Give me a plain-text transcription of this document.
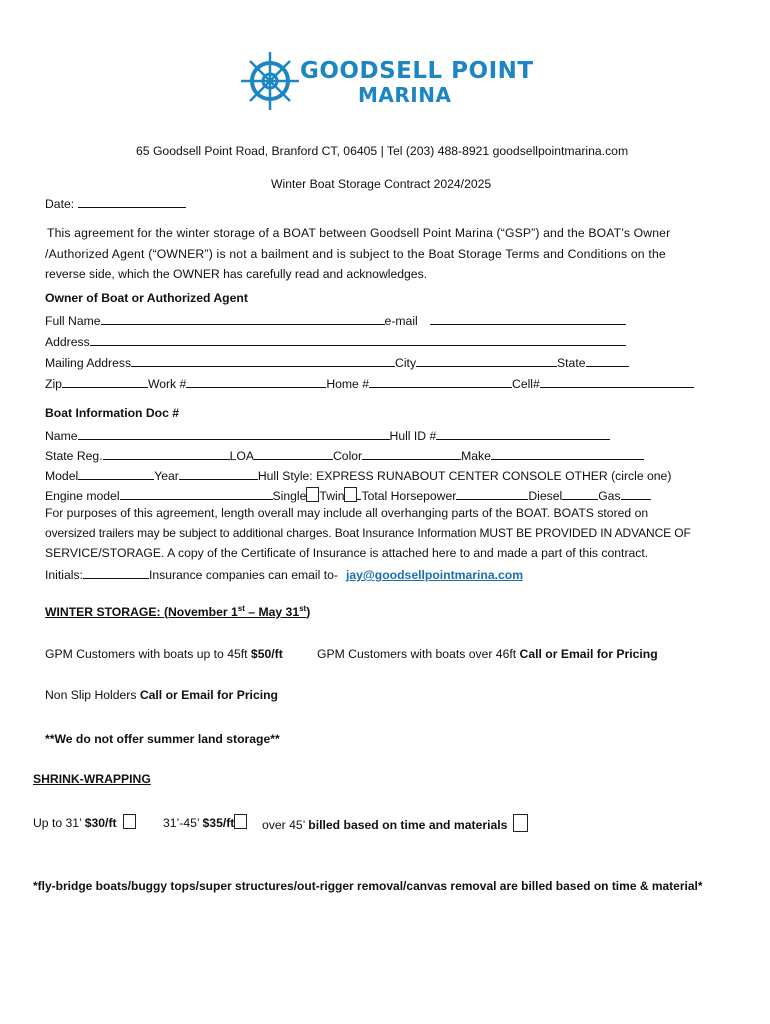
GOODSELL POINT
MARINA
65 Goodsell Point Road, Branford CT, 06405 | Tel (203) 488-8921 goodsellpointmarina.com
Winter Boat Storage Contract 2024/2025
Date:
This agreement for the winter storage of a BOAT between Goodsell Point Marina (“GSP”) and the BOAT’s Owner
/Authorized Agent (“OWNER”) is not a bailment and is subject to the Boat Storage Terms and Conditions on the
reverse side, which the OWNER has carefully read and acknowledges.
Owner of Boat or Authorized Agent
Full Name	e-mail
Address
Mailing Address	City	State
Zip	Work #	Home #	Cell#
Boat Information Doc #
Name	Hull ID #
State Reg.	LOA	Color	Make
Model	Year	Hull Style: EXPRESS RUNABOUT CENTER CONSOLE OTHER (circle one)
Engine model	Single Twin Total Horsepower	Diesel	Gas
For purposes of this agreement, length overall may include all overhanging parts of the BOAT. BOATS stored on
oversized trailers may be subject to additional charges. Boat Insurance Information MUST BE PROVIDED IN ADVANCE OF
SERVICE/STORAGE. A copy of the Certificate of Insurance is attached here to and made a part of this contract.
Initials:	Insurance companies can email to- jay@goodsellpointmarina.com
WINTER STORAGE: (November 1st – May 31st)
GPM Customers with boats up to 45ft $50/ft	GPM Customers with boats over 46ft Call or Email for Pricing
Non Slip Holders Call or Email for Pricing
**We do not offer summer land storage**
SHRINK-WRAPPING
Up to 31’ $30/ft	31’-45’ $35/ft	over 45’ billed based on time and materials
*fly-bridge boats/buggy tops/super structures/out-rigger removal/canvas removal are billed based on time & material*
